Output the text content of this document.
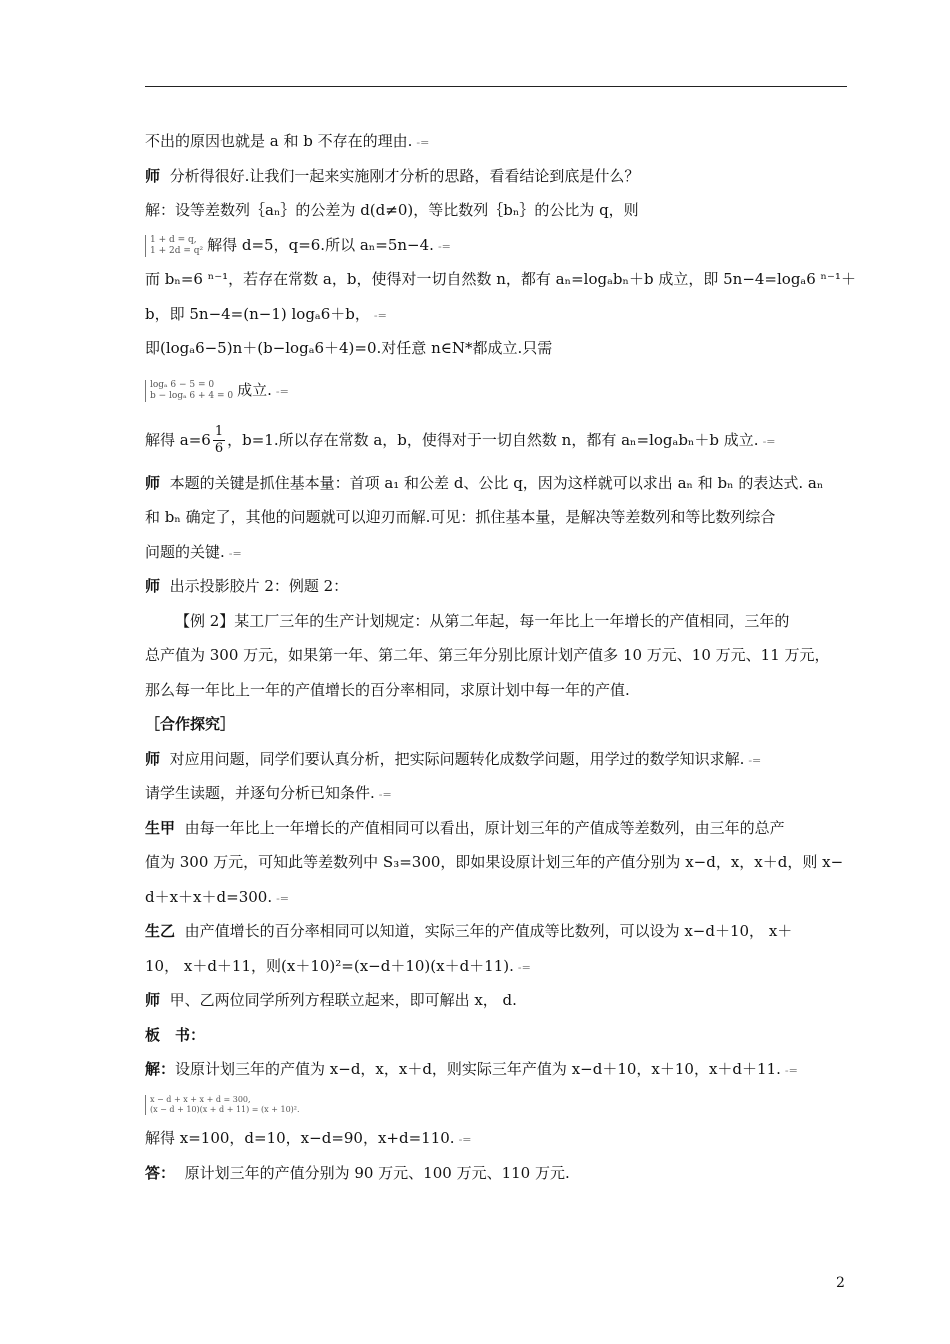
不出的原因也就是 a 和 b 不存在的理由. -=
师 分析得很好.让我们一起来实施刚才分析的思路，看看结论到底是什么？
解：设等差数列｛aₙ｝的公差为 d(d≠0)，等比数列｛bₙ｝的公比为 q，则
1 + d = q,
1 + 2d = q² 解得 d=5，q=6.所以 aₙ=5n−4. -=
而 bₙ=6 ⁿ⁻¹，若存在常数 a，b，使得对一切自然数 n，都有 aₙ=logₐbₙ＋b 成立，即 5n−4=logₐ6 ⁿ⁻¹＋
b，即 5n−4=(n−1) logₐ6＋b， -=
即(logₐ6−5)n＋(b−logₐ6＋4)=0.对任意 n∈N*都成立.只需
logₐ 6 − 5 = 0
b − logₐ 6 + 4 = 0 成立. -=
解得 $a=6 \frac{1}{6}$ ，b=1.所以存在常数 a，b，使得对于一切自然数 n，都有 aₙ=logₐbₙ＋b 成立. -=
师 本题的关键是抓住基本量：首项 a₁ 和公差 d、公比 q，因为这样就可以求出 aₙ 和 bₙ 的表达式. aₙ
和 bₙ 确定了，其他的问题就可以迎刃而解.可见：抓住基本量，是解决等差数列和等比数列综合
问题的关键. -=
师 出示投影胶片 2：例题 2：
【例 2】某工厂三年的生产计划规定：从第二年起，每一年比上一年增长的产值相同，三年的
总产值为 300 万元，如果第一年、第二年、第三年分别比原计划产值多 10 万元、10 万元、11 万元，
那么每一年比上一年的产值增长的百分率相同，求原计划中每一年的产值.
［合作探究］
师 对应用问题，同学们要认真分析，把实际问题转化成数学问题，用学过的数学知识求解. -=
请学生读题，并逐句分析已知条件. -=
生甲 由每一年比上一年增长的产值相同可以看出，原计划三年的产值成等差数列，由三年的总产
值为 300 万元，可知此等差数列中 S₃=300，即如果设原计划三年的产值分别为 x−d，x，x＋d，则 x−
d＋x＋x＋d=300. -=
生乙 由产值增长的百分率相同可以知道，实际三年的产值成等比数列，可以设为 x−d＋10， x＋
10， x＋d＋11，则(x＋10)²=(x−d＋10)(x＋d＋11). -=
师 甲、乙两位同学所列方程联立起来，即可解出 x， d.
板　书：
解：设原计划三年的产值为 x−d，x，x＋d，则实际三年产值为 x−d＋10，x＋10，x＋d＋11. -=
x − d + x + x + d = 300,
(x − d + 10)(x + d + 11) = (x + 10)².
解得 x=100，d=10，x−d=90，x+d=110. -=
答： 原计划三年的产值分别为 90 万元、100 万元、110 万元.
2
